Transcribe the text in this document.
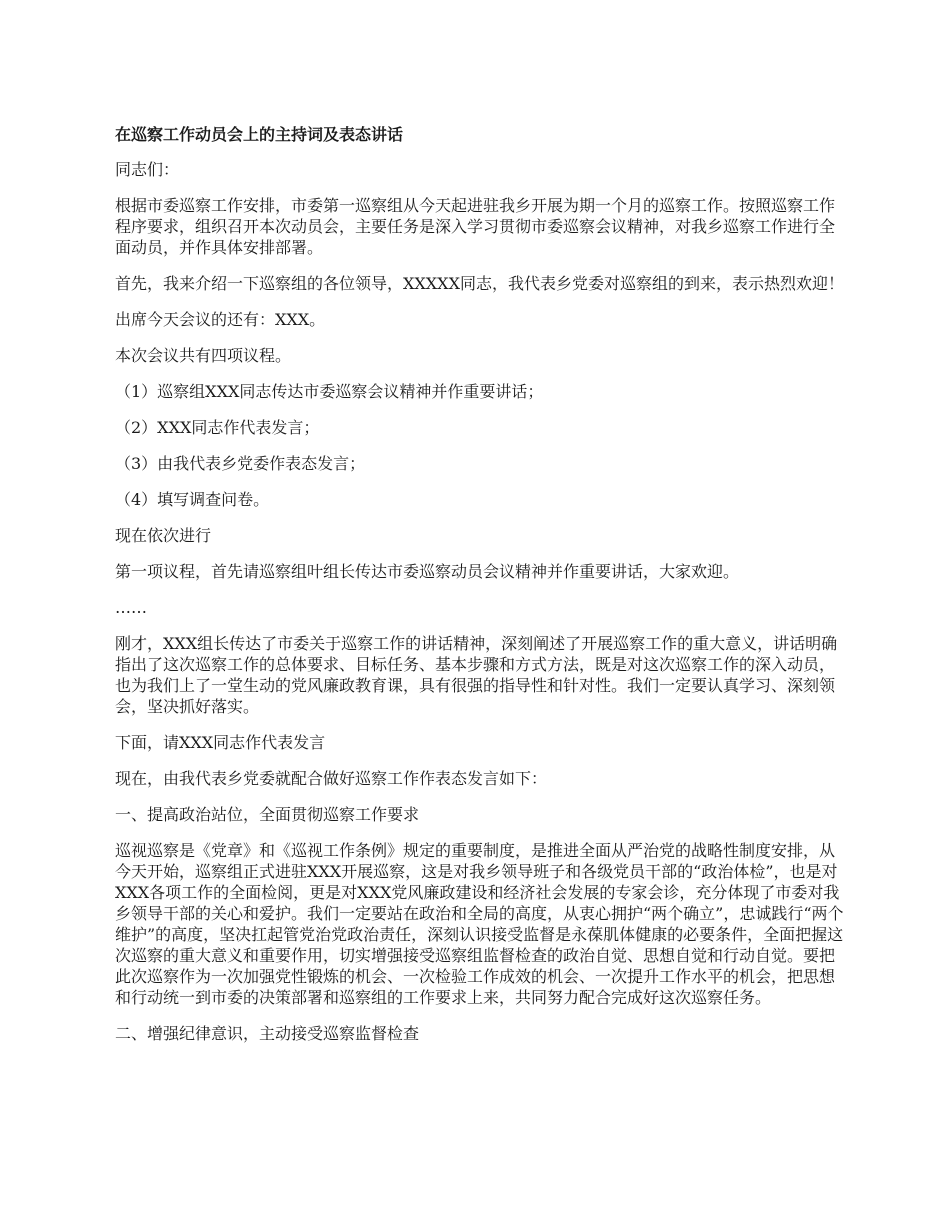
在巡察工作动员会上的主持词及表态讲话

同志们：

根据市委巡察工作安排，市委第一巡察组从今天起进驻我乡开展为期一个月的巡察工作。按照巡察工作程序要求，组织召开本次动员会，主要任务是深入学习贯彻市委巡察会议精神，对我乡巡察工作进行全面动员，并作具体安排部署。

首先，我来介绍一下巡察组的各位领导，XXXXX同志，我代表乡党委对巡察组的到来，表示热烈欢迎！

出席今天会议的还有：XXX。

本次会议共有四项议程。

（1）巡察组XXX同志传达市委巡察会议精神并作重要讲话；

（2）XXX同志作代表发言；

（3）由我代表乡党委作表态发言；

（4）填写调查问卷。

现在依次进行

第一项议程，首先请巡察组叶组长传达市委巡察动员会议精神并作重要讲话，大家欢迎。

……

刚才，XXX组长传达了市委关于巡察工作的讲话精神，深刻阐述了开展巡察工作的重大意义，讲话明确指出了这次巡察工作的总体要求、目标任务、基本步骤和方式方法，既是对这次巡察工作的深入动员，也为我们上了一堂生动的党风廉政教育课，具有很强的指导性和针对性。我们一定要认真学习、深刻领会，坚决抓好落实。

下面，请XXX同志作代表发言

现在，由我代表乡党委就配合做好巡察工作作表态发言如下：

一、提高政治站位，全面贯彻巡察工作要求

巡视巡察是《党章》和《巡视工作条例》规定的重要制度，是推进全面从严治党的战略性制度安排，从今天开始，巡察组正式进驻XXX开展巡察，这是对我乡领导班子和各级党员干部的“政治体检”，也是对XXX各项工作的全面检阅，更是对XXX党风廉政建设和经济社会发展的专家会诊，充分体现了市委对我乡领导干部的关心和爱护。我们一定要站在政治和全局的高度，从衷心拥护“两个确立”，忠诚践行“两个维护”的高度，坚决扛起管党治党政治责任，深刻认识接受监督是永葆肌体健康的必要条件，全面把握这次巡察的重大意义和重要作用，切实增强接受巡察组监督检查的政治自觉、思想自觉和行动自觉。要把此次巡察作为一次加强党性锻炼的机会、一次检验工作成效的机会、一次提升工作水平的机会，把思想和行动统一到市委的决策部署和巡察组的工作要求上来，共同努力配合完成好这次巡察任务。

二、增强纪律意识，主动接受巡察监督检查
